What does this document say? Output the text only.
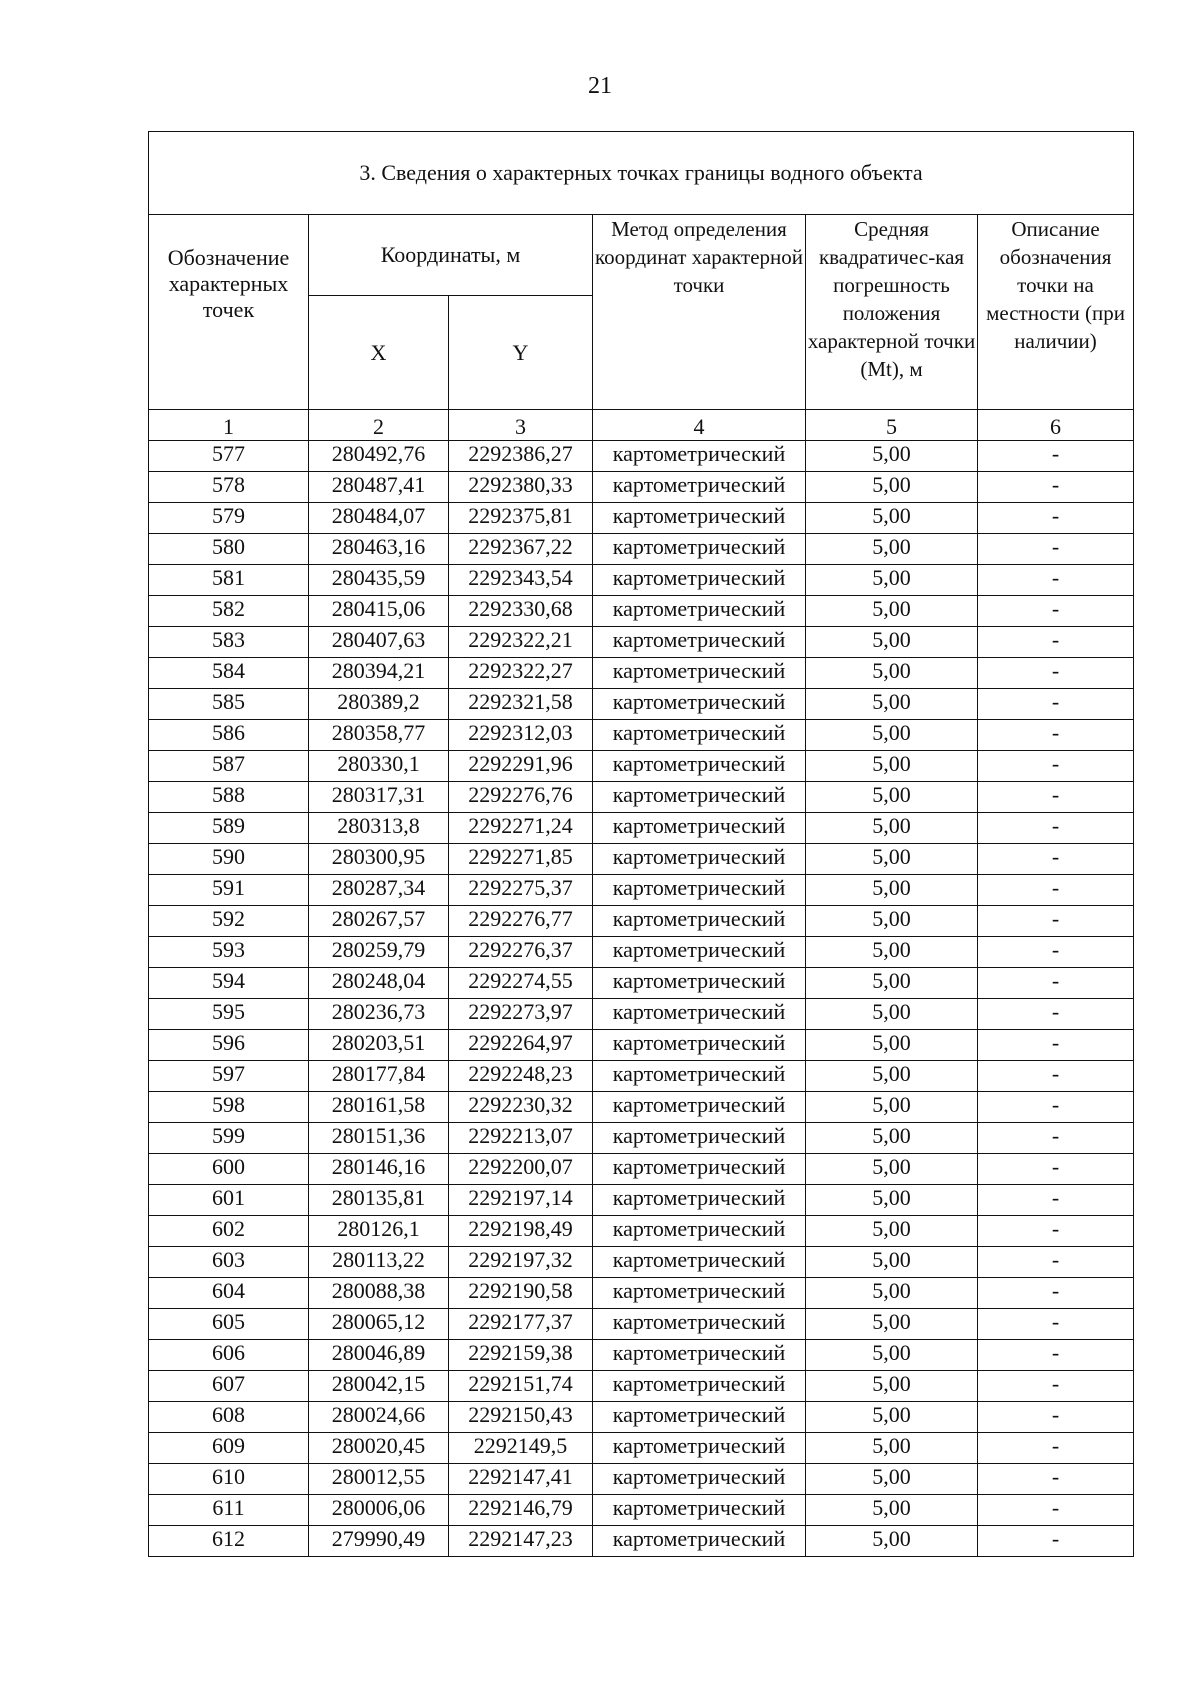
21
3. Сведения о характерных точках границы водного объекта					
Обозначение характерных точек	Координаты, м		Метод определения координат характерной точки	Средняя квадратичес-кая погрешность положения характерной точки (Mt), м	Описание обозначения точки на местности (при наличии)
	X	Y			
1	2	3	4	5	6
577	280492,76	2292386,27	картометрический	5,00	-
578	280487,41	2292380,33	картометрический	5,00	-
579	280484,07	2292375,81	картометрический	5,00	-
580	280463,16	2292367,22	картометрический	5,00	-
581	280435,59	2292343,54	картометрический	5,00	-
582	280415,06	2292330,68	картометрический	5,00	-
583	280407,63	2292322,21	картометрический	5,00	-
584	280394,21	2292322,27	картометрический	5,00	-
585	280389,2	2292321,58	картометрический	5,00	-
586	280358,77	2292312,03	картометрический	5,00	-
587	280330,1	2292291,96	картометрический	5,00	-
588	280317,31	2292276,76	картометрический	5,00	-
589	280313,8	2292271,24	картометрический	5,00	-
590	280300,95	2292271,85	картометрический	5,00	-
591	280287,34	2292275,37	картометрический	5,00	-
592	280267,57	2292276,77	картометрический	5,00	-
593	280259,79	2292276,37	картометрический	5,00	-
594	280248,04	2292274,55	картометрический	5,00	-
595	280236,73	2292273,97	картометрический	5,00	-
596	280203,51	2292264,97	картометрический	5,00	-
597	280177,84	2292248,23	картометрический	5,00	-
598	280161,58	2292230,32	картометрический	5,00	-
599	280151,36	2292213,07	картометрический	5,00	-
600	280146,16	2292200,07	картометрический	5,00	-
601	280135,81	2292197,14	картометрический	5,00	-
602	280126,1	2292198,49	картометрический	5,00	-
603	280113,22	2292197,32	картометрический	5,00	-
604	280088,38	2292190,58	картометрический	5,00	-
605	280065,12	2292177,37	картометрический	5,00	-
606	280046,89	2292159,38	картометрический	5,00	-
607	280042,15	2292151,74	картометрический	5,00	-
608	280024,66	2292150,43	картометрический	5,00	-
609	280020,45	2292149,5	картометрический	5,00	-
610	280012,55	2292147,41	картометрический	5,00	-
611	280006,06	2292146,79	картометрический	5,00	-
612	279990,49	2292147,23	картометрический	5,00	-
